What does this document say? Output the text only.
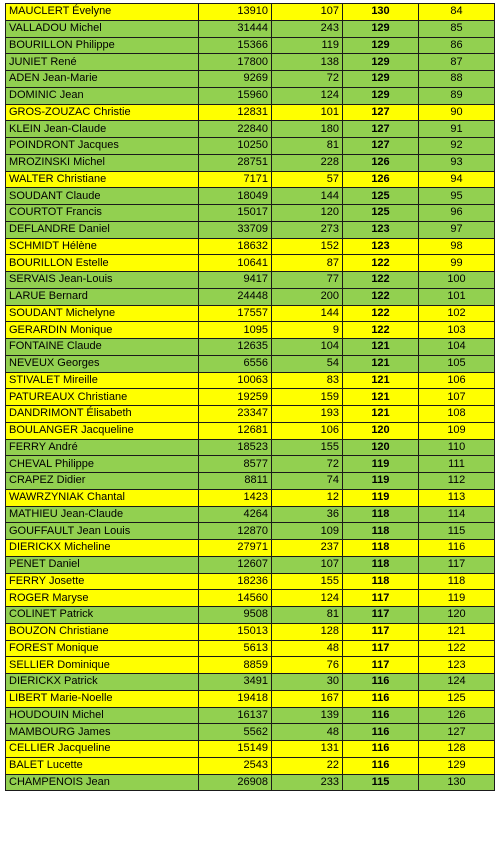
MAUCLERT Évelyne	13910	107	130	84
VALLADOU Michel	31444	243	129	85
BOURILLON Philippe	15366	119	129	86
JUNIET René	17800	138	129	87
ADEN Jean-Marie	9269	72	129	88
DOMINIC Jean	15960	124	129	89
GROS-ZOUZAC Christie	12831	101	127	90
KLEIN Jean-Claude	22840	180	127	91
POINDRONT Jacques	10250	81	127	92
MROZINSKI Michel	28751	228	126	93
WALTER Christiane	7171	57	126	94
SOUDANT Claude	18049	144	125	95
COURTOT Francis	15017	120	125	96
DEFLANDRE Daniel	33709	273	123	97
SCHMIDT Hélène	18632	152	123	98
BOURILLON Estelle	10641	87	122	99
SERVAIS Jean-Louis	9417	77	122	100
LARUE Bernard	24448	200	122	101
SOUDANT Michelyne	17557	144	122	102
GERARDIN Monique	1095	9	122	103
FONTAINE Claude	12635	104	121	104
NEVEUX Georges	6556	54	121	105
STIVALET Mireille	10063	83	121	106
PATUREAUX Christiane	19259	159	121	107
DANDRIMONT Élisabeth	23347	193	121	108
BOULANGER Jacqueline	12681	106	120	109
FERRY André	18523	155	120	110
CHEVAL Philippe	8577	72	119	111
CRAPEZ Didier	8811	74	119	112
WAWRZYNIAK Chantal	1423	12	119	113
MATHIEU Jean-Claude	4264	36	118	114
GOUFFAULT Jean Louis	12870	109	118	115
DIERICKX Micheline	27971	237	118	116
PENET Daniel	12607	107	118	117
FERRY Josette	18236	155	118	118
ROGER Maryse	14560	124	117	119
COLINET Patrick	9508	81	117	120
BOUZON Christiane	15013	128	117	121
FOREST Monique	5613	48	117	122
SELLIER Dominique	8859	76	117	123
DIERICKX Patrick	3491	30	116	124
LIBERT Marie-Noelle	19418	167	116	125
HOUDOUIN Michel	16137	139	116	126
MAMBOURG James	5562	48	116	127
CELLIER Jacqueline	15149	131	116	128
BALET Lucette	2543	22	116	129
CHAMPENOIS Jean	26908	233	115	130
